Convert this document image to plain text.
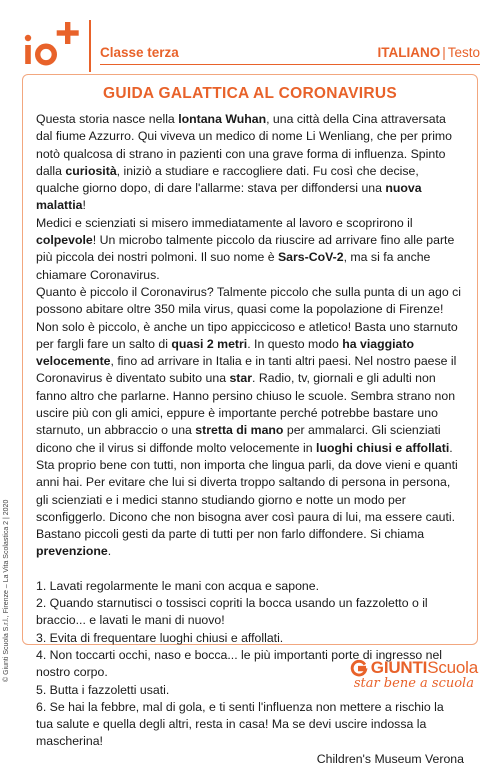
io+
Classe terza	ITALIANO | Testo
GUIDA GALATTICA AL CORONAVIRUS

Questa storia nasce nella lontana Wuhan, una città della Cina attraversata dal fiume Azzurro. Qui viveva un medico di nome Li Wenliang, che per primo notò qualcosa di strano in pazienti con una grave forma di influenza. Spinto dalla curiosità, iniziò a studiare e raccogliere dati. Fu così che decise, qualche giorno dopo, di dare l'allarme: stava per diffondersi una nuova malattia!

Medici e scienziati si misero immediatamente al lavoro e scoprirono il colpevole! Un microbo talmente piccolo da riuscire ad arrivare fino alle parte più piccola dei nostri polmoni. Il suo nome è Sars-CoV-2, ma si fa anche chiamare Coronavirus.

Quanto è piccolo il Coronavirus? Talmente piccolo che sulla punta di un ago ci possono abitare oltre 350 mila virus, quasi come la popolazione di Firenze! Non solo è piccolo, è anche un tipo appiccicoso e atletico! Basta uno starnuto per fargli fare un salto di quasi 2 metri. In questo modo ha viaggiato velocemente, fino ad arrivare in Italia e in tanti altri paesi. Nel nostro paese il Coronavirus è diventato subito una star. Radio, tv, giornali e gli adulti non fanno altro che parlarne. Hanno persino chiuso le scuole. Sembra strano non uscire più con gli amici, eppure è importante perché potrebbe bastare uno starnuto, un abbraccio o una stretta di mano per ammalarci. Gli scienziati dicono che il virus si diffonde molto velocemente in luoghi chiusi e affollati.

Sta proprio bene con tutti, non importa che lingua parli, da dove vieni e quanti anni hai. Per evitare che lui si diverta troppo saltando di persona in persona, gli scienziati e i medici stanno studiando giorno e notte un modo per sconfiggerlo. Dicono che non bisogna aver così paura di lui, ma essere cauti. Bastano piccoli gesti da parte di tutti per non farlo diffondere. Si chiama prevenzione.

1. Lavati regolarmente le mani con acqua e sapone.

2. Quando starnutisci o tossisci copriti la bocca usando un fazzoletto o il braccio... e lavati le mani di nuovo!

3. Evita di frequentare luoghi chiusi e affollati.

4. Non toccarti occhi, naso e bocca... le più importanti porte di ingresso nel nostro corpo.

5. Butta i fazzoletti usati.

6. Se hai la febbre, mal di gola, e ti senti l'influenza non mettere a rischio la tua salute e quella degli altri, resta in casa! Ma se devi uscire indossa la mascherina!

Children's Museum Verona

© Giunti Scuola S.r.l., Firenze – La Vita Scolastica 2 | 2020	GIUNTIScuola
star bene a scuola
